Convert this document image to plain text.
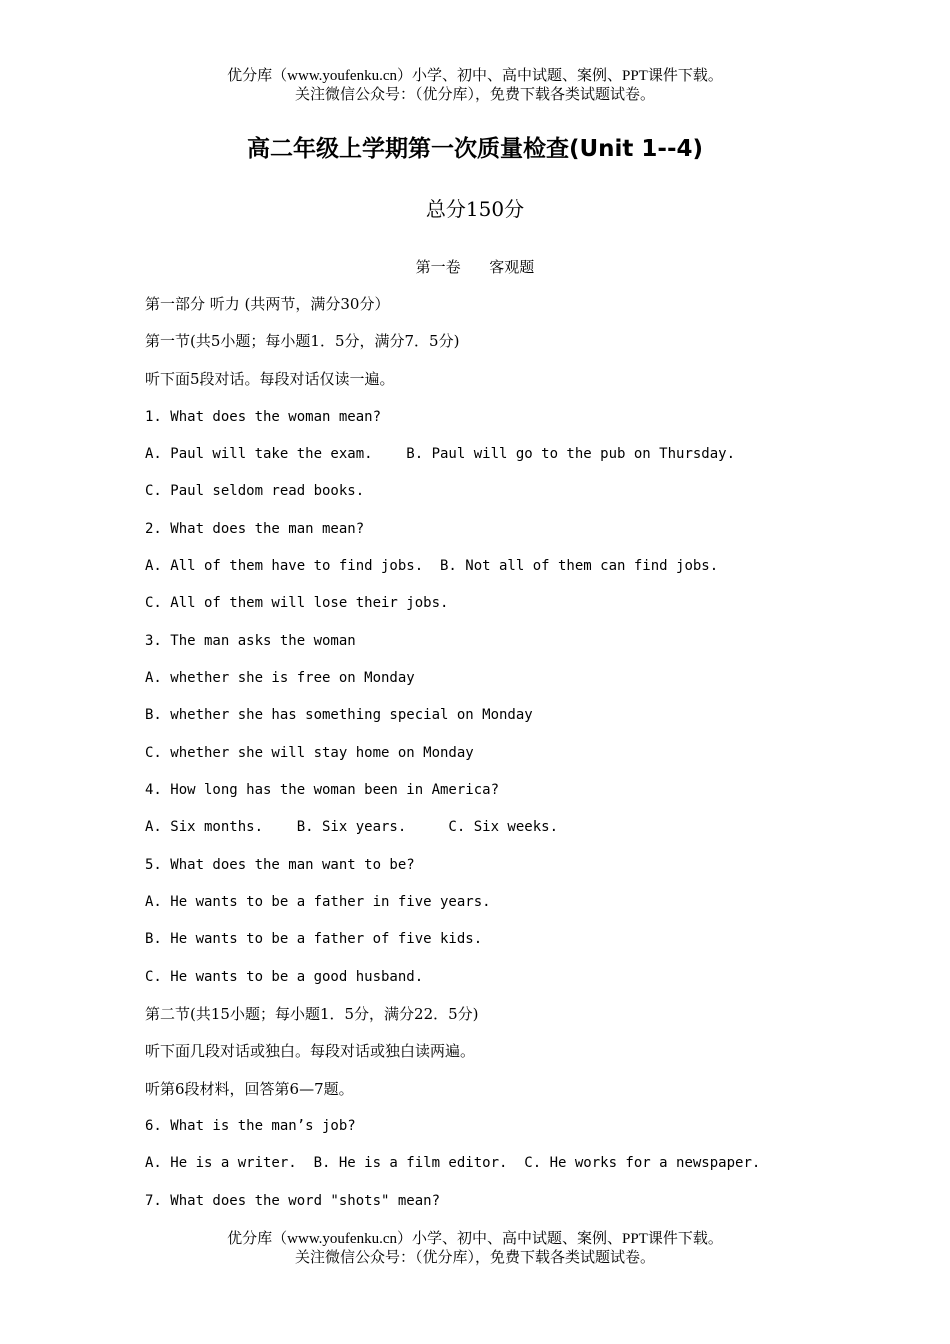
优分库（www.youfenku.cn）小学、初中、高中试题、案例、PPT课件下载。
关注微信公众号：（优分库），免费下载各类试题试卷。
高二年级上学期第一次质量检查(Unit 1--4)
总分150分
第一卷 客观题
第一部分 听力 (共两节，满分30分）
第一节(共5小题；每小题1．5分，满分7．5分)
听下面5段对话。每段对话仅读一遍。
1. What does the woman mean?
A. Paul will take the exam.    B. Paul will go to the pub on Thursday.
C. Paul seldom read books.
2. What does the man mean?
A. All of them have to find jobs.  B. Not all of them can find jobs.
C. All of them will lose their jobs.
3. The man asks the woman
A. whether she is free on Monday
B. whether she has something special on Monday
C. whether she will stay home on Monday
4. How long has the woman been in America?
A. Six months.    B. Six years.     C. Six weeks.
5. What does the man want to be?
A. He wants to be a father in five years.
B. He wants to be a father of five kids.
C. He wants to be a good husband.
第二节(共15小题；每小题1．5分，满分22．5分)
听下面几段对话或独白。每段对话或独白读两遍。
听第6段材料，回答第6—7题。
6. What is the man’s job?
A. He is a writer.  B. He is a film editor.  C. He works for a newspaper.
7. What does the word "shots" mean?
优分库（www.youfenku.cn）小学、初中、高中试题、案例、PPT课件下载。
关注微信公众号：（优分库），免费下载各类试题试卷。
